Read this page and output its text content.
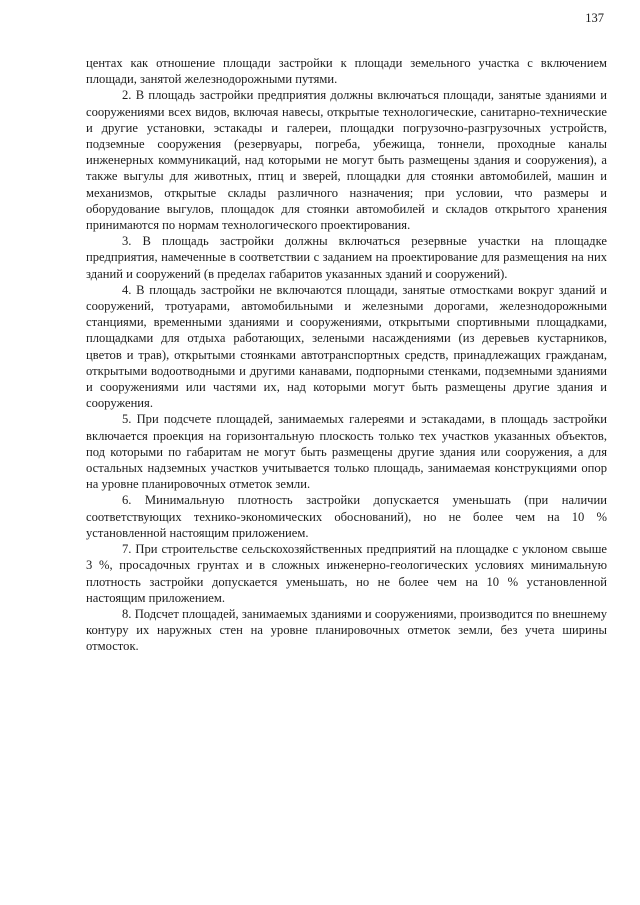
137

центах как отношение площади застройки к площади земельного участка с включением площади, занятой железнодорожными путями.

2. В площадь застройки предприятия должны включаться площади, занятые зданиями и сооружениями всех видов, включая навесы, открытые технологические, санитарно-технические и другие установки, эстакады и галереи, площадки погрузочно-разгрузочных устройств, подземные сооружения (резервуары, погреба, убежища, тоннели, проходные каналы инженерных коммуникаций, над которыми не могут быть размещены здания и сооружения), а также выгулы для животных, птиц и зверей, площадки для стоянки автомобилей, машин и механизмов, открытые склады различного назначения; при условии, что размеры и оборудование выгулов, площадок для стоянки автомобилей и складов открытого хранения принимаются по нормам технологического проектирования.

3. В площадь застройки должны включаться резервные участки на площадке предприятия, намеченные в соответствии с заданием на проектирование для размещения на них зданий и сооружений (в пределах габаритов указанных зданий и сооружений).

4. В площадь застройки не включаются площади, занятые отмостками вокруг зданий и сооружений, тротуарами, автомобильными и железными дорогами, железнодорожными станциями, временными зданиями и сооружениями, открытыми спортивными площадками, площадками для отдыха работающих, зелеными насаждениями (из деревьев кустарников, цветов и трав), открытыми стоянками автотранспортных средств, принадлежащих гражданам, открытыми водоотводными и другими канавами, подпорными стенками, подземными зданиями и сооружениями или частями их, над которыми могут быть размещены другие здания и сооружения.

5. При подсчете площадей, занимаемых галереями и эстакадами, в площадь застройки включается проекция на горизонтальную плоскость только тех участков указанных объектов, под которыми по габаритам не могут быть размещены другие здания или сооружения, а для остальных надземных участков учитывается только площадь, занимаемая конструкциями опор на уровне планировочных отметок земли.

6. Минимальную плотность застройки допускается уменьшать (при наличии соответствующих технико-экономических обоснований), но не более чем на 10 % установленной настоящим приложением.

7. При строительстве сельскохозяйственных предприятий на площадке с уклоном свыше 3 %, просадочных грунтах и в сложных инженерно-геологических условиях минимальную плотность застройки допускается уменьшать, но не более чем на 10 % установленной настоящим приложением.

8. Подсчет площадей, занимаемых зданиями и сооружениями, производится по внешнему контуру их наружных стен на уровне планировочных отметок земли, без учета ширины отмосток.
